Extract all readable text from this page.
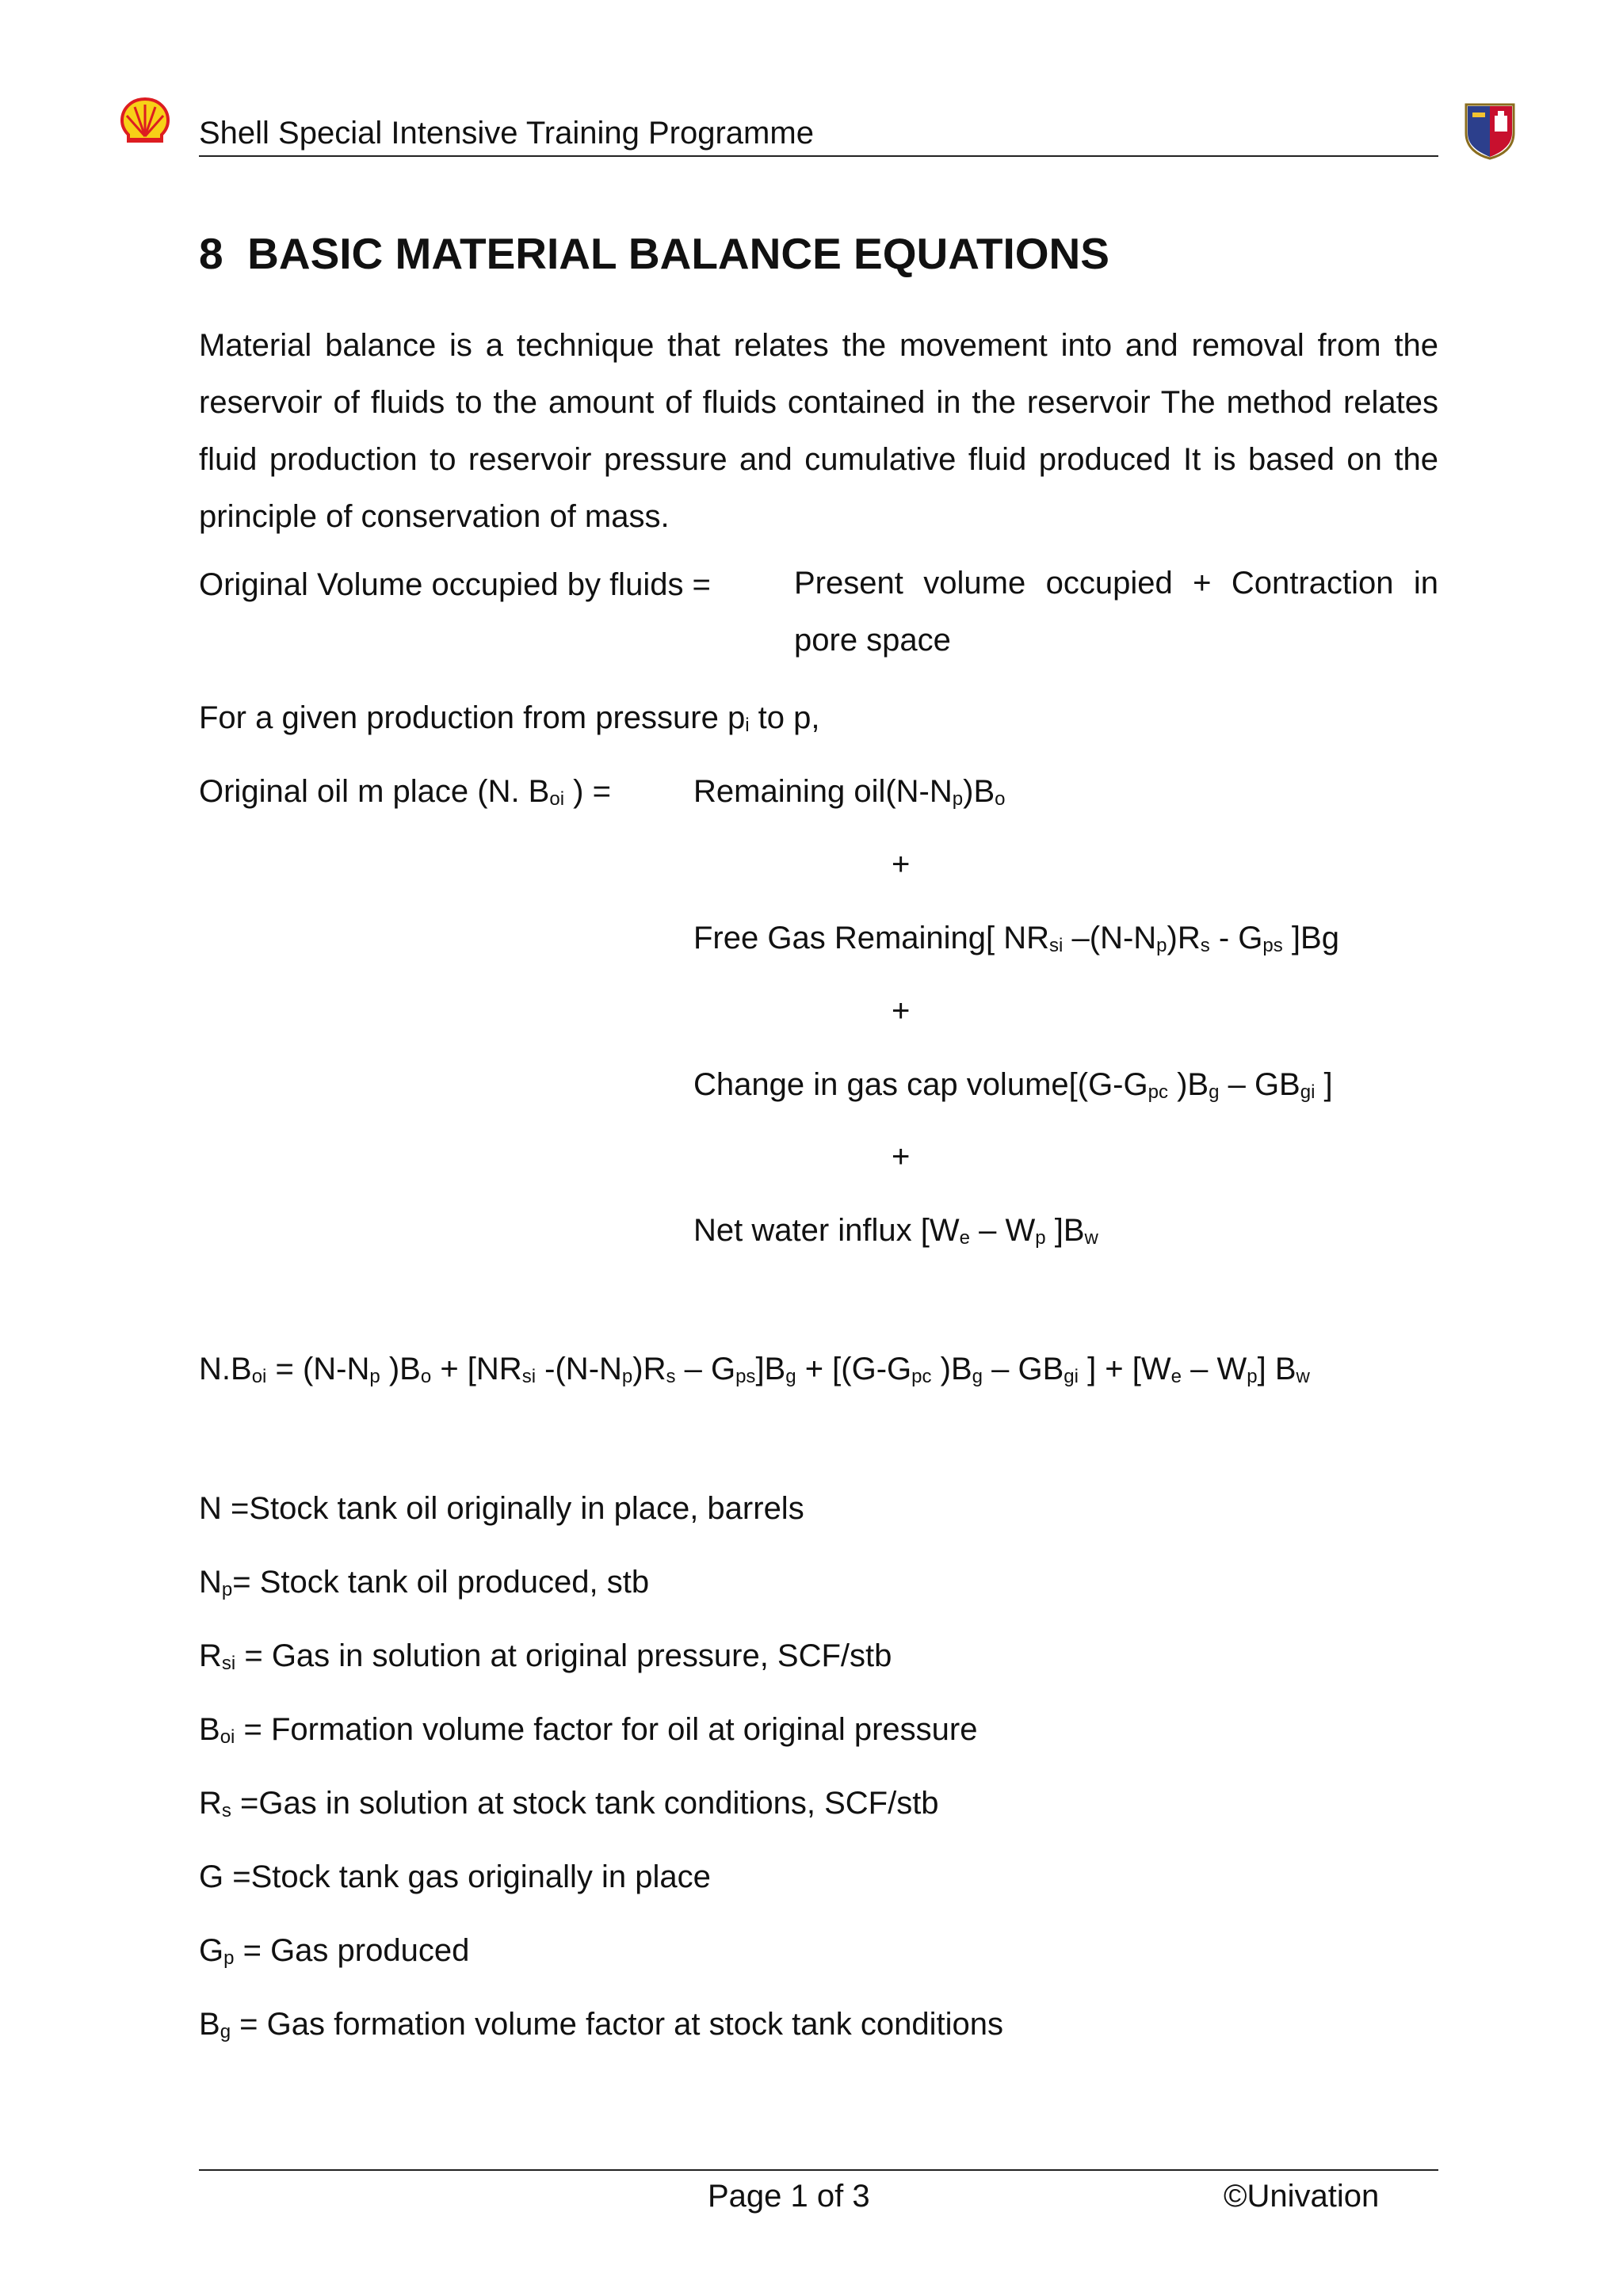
Shell Special Intensive Training Programme
8 BASIC MATERIAL BALANCE EQUATIONS

Material balance is a technique that relates the movement into and removal from the reservoir of fluids to the amount of fluids contained in the reservoir The method relates fluid production to reservoir pressure and cumulative fluid produced It is based on the principle of conservation of mass.

Original Volume occupied by fluids =	Present volume occupied + Contraction in pore space
For a given production from pressure $p_i$ to p,
Original oil m place (N. $B_{oi}$ ) =	Remaining $oil(N-N_p)B_o$
+
Free Gas Remaining[ $NR_{si}$ $-(N-N_p)R_s - G_{ps}$ ]Bg
+
Change in gas cap $volume[(G-G_{pc}$ )$B_g - GB_{gi}$ ]
+
Net water influx [$W_e - W_p$ ]$B_w$
$N.B_{oi} = (N-N_p$ )$B_o + [NR_{si}$ $-(N-N_p)R_s - G_{ps}]B_g + [(G-G_{pc}$ )$B_g - GB_{gi}$ ] + $[W_e - W_p]$ $B_w$
N =Stock tank oil originally in place, barrels
$N_p=$ Stock tank oil produced, stb
$R_{si}$ = Gas in solution at original pressure, SCF/stb
$B_{oi}$ = Formation volume factor for oil at original pressure
$R_s =Gas$ in solution at stock tank conditions, SCF/stb
G =Stock tank gas originally in place
$G_p$ = Gas produced
$B_g$ = Gas formation volume factor at stock tank conditions
Page 1 of 3	©Univation
